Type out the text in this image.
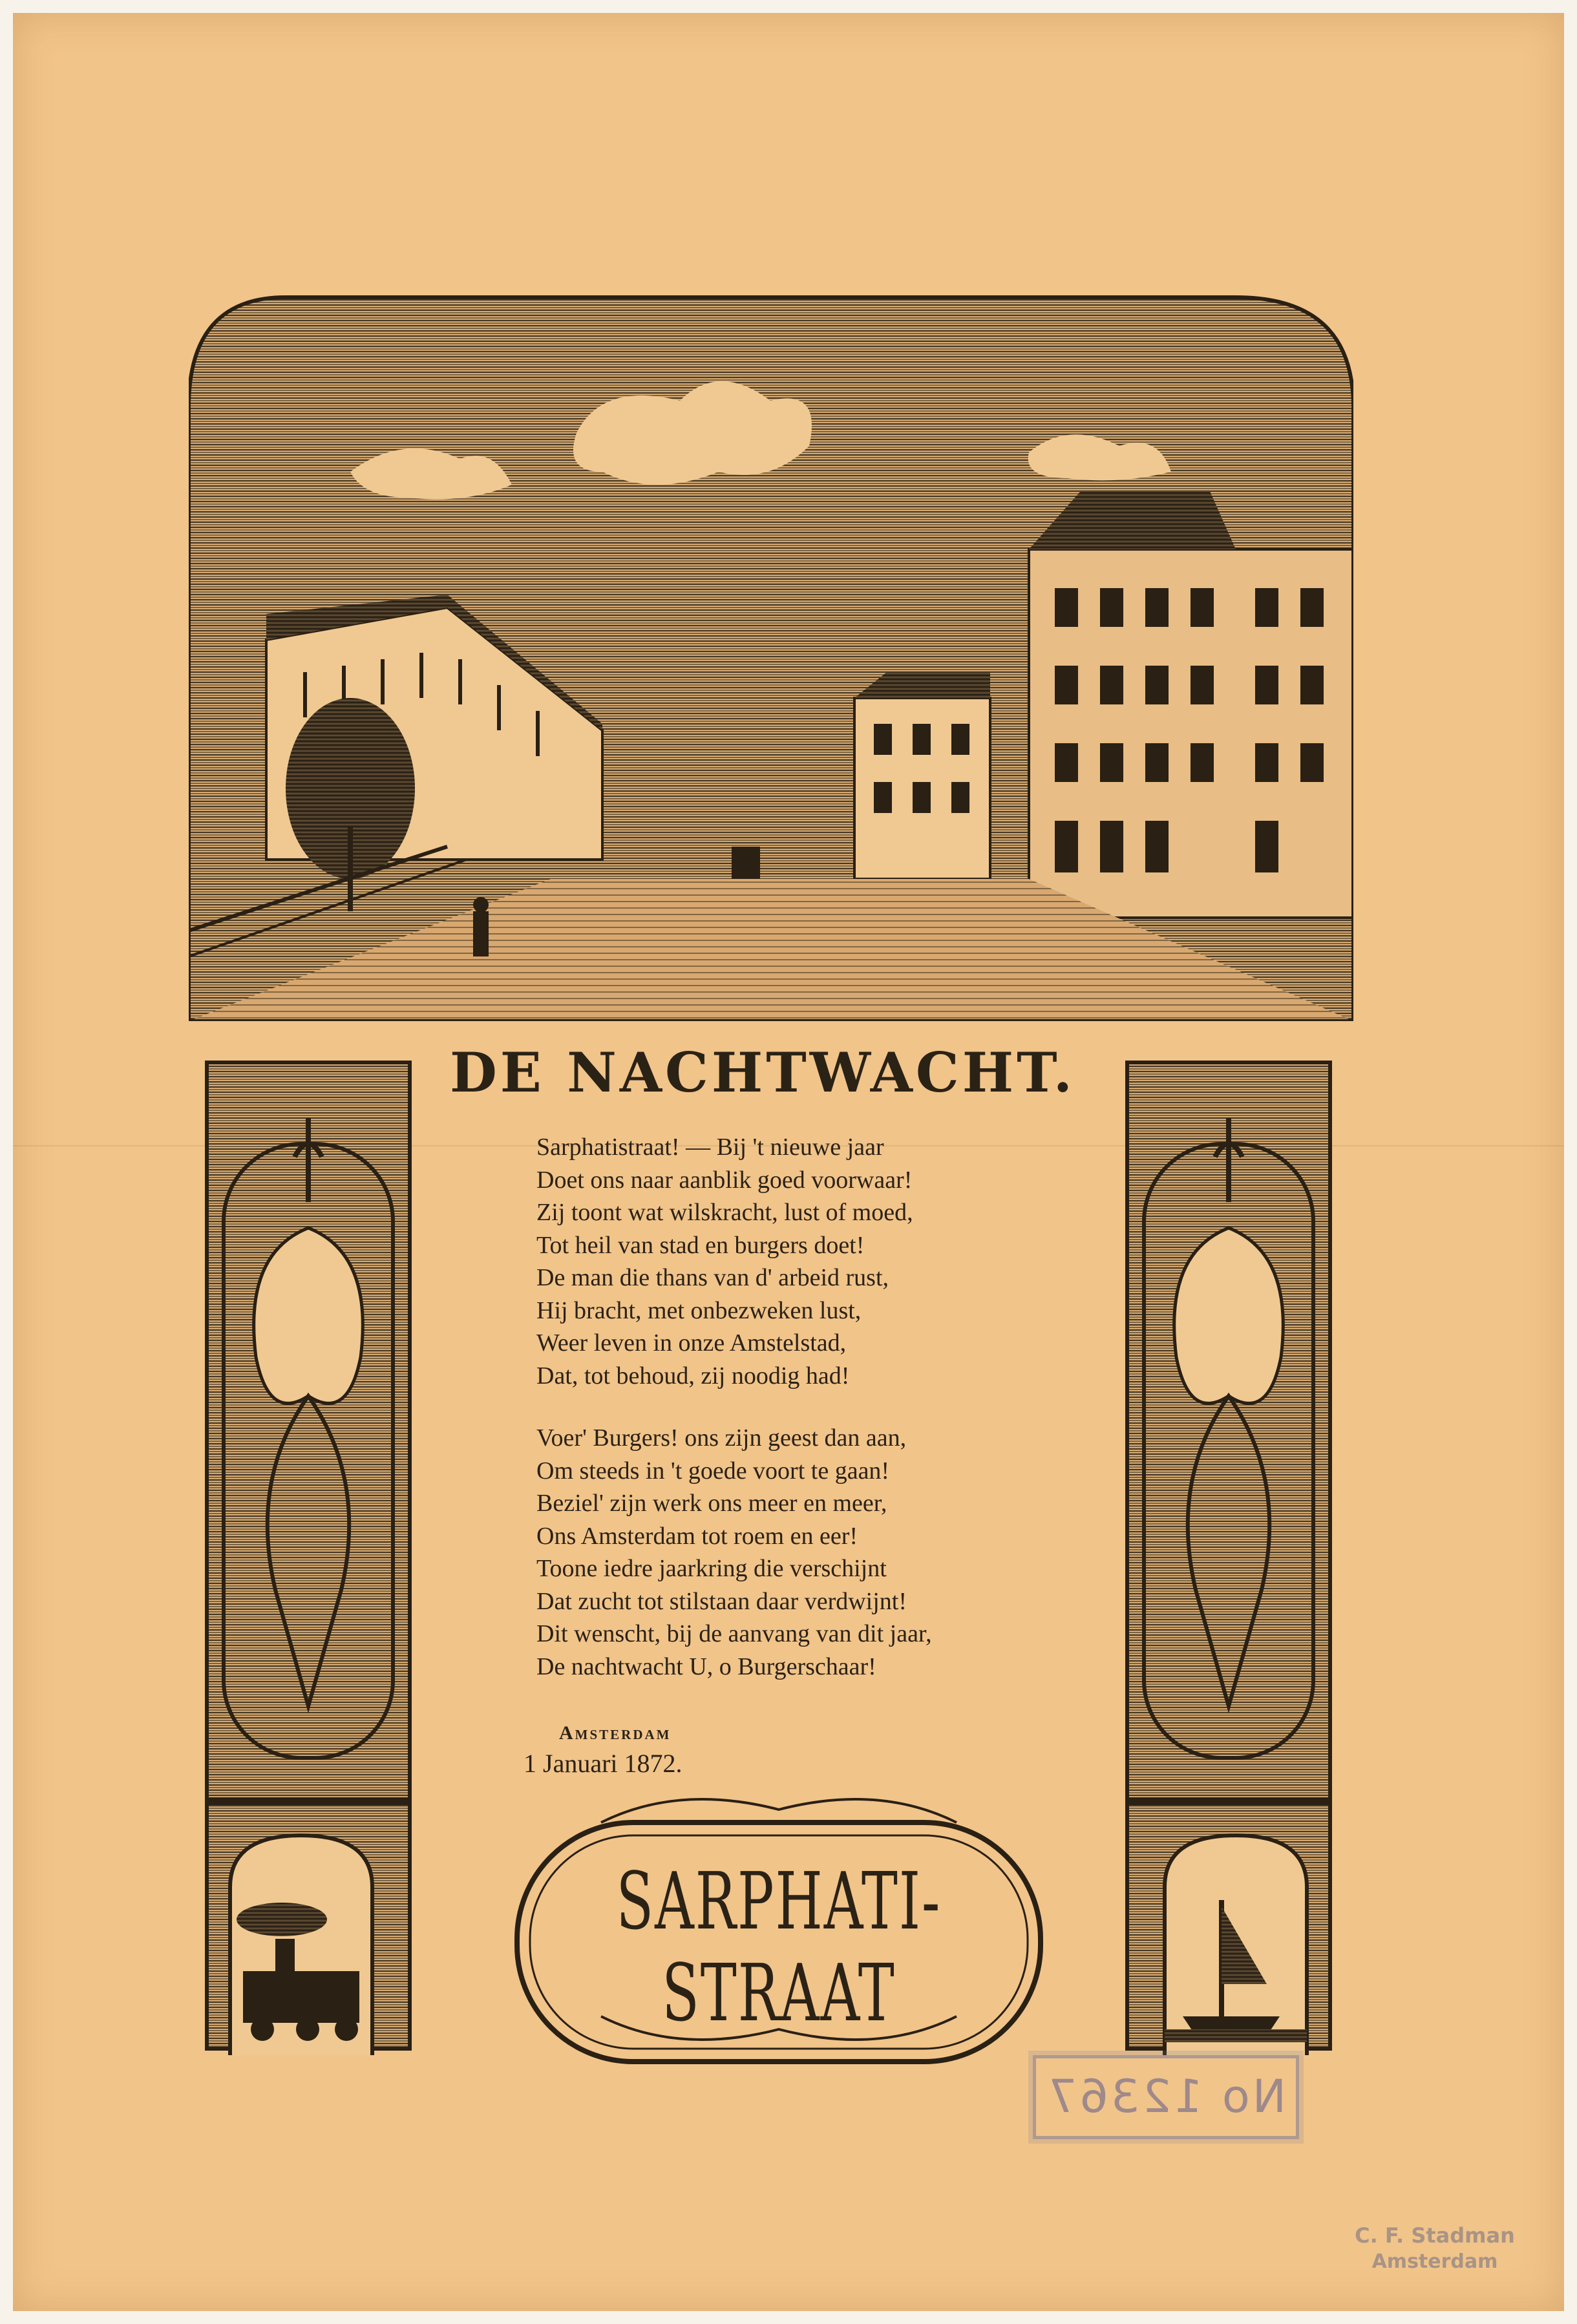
DE NACHTWACHT.
Sarphatistraat! — Bij 't nieuwe jaar
Doet ons naar aanblik goed voorwaar!
Zij toont wat wilskracht, lust of moed,
Tot heil van stad en burgers doet!
De man die thans van d' arbeid rust,
Hij bracht, met onbezweken lust,
Weer leven in onze Amstelstad,
Dat, tot behoud, zij noodig had!
Voer' Burgers! ons zijn geest dan aan,
Om steeds in 't goede voort te gaan!
Beziel' zijn werk ons meer en meer,
Ons Amsterdam tot roem en eer!
Toone iedre jaarkring die verschijnt
Dat zucht tot stilstaan daar verdwijnt!
Dit wenscht, bij de aanvang van dit jaar,
De nachtwacht U, o Burgerschaar!
Amsterdam
1 Januari 1872.
SARPHATI-STRAAT
No 12367
C. F. Stadman
Amsterdam
